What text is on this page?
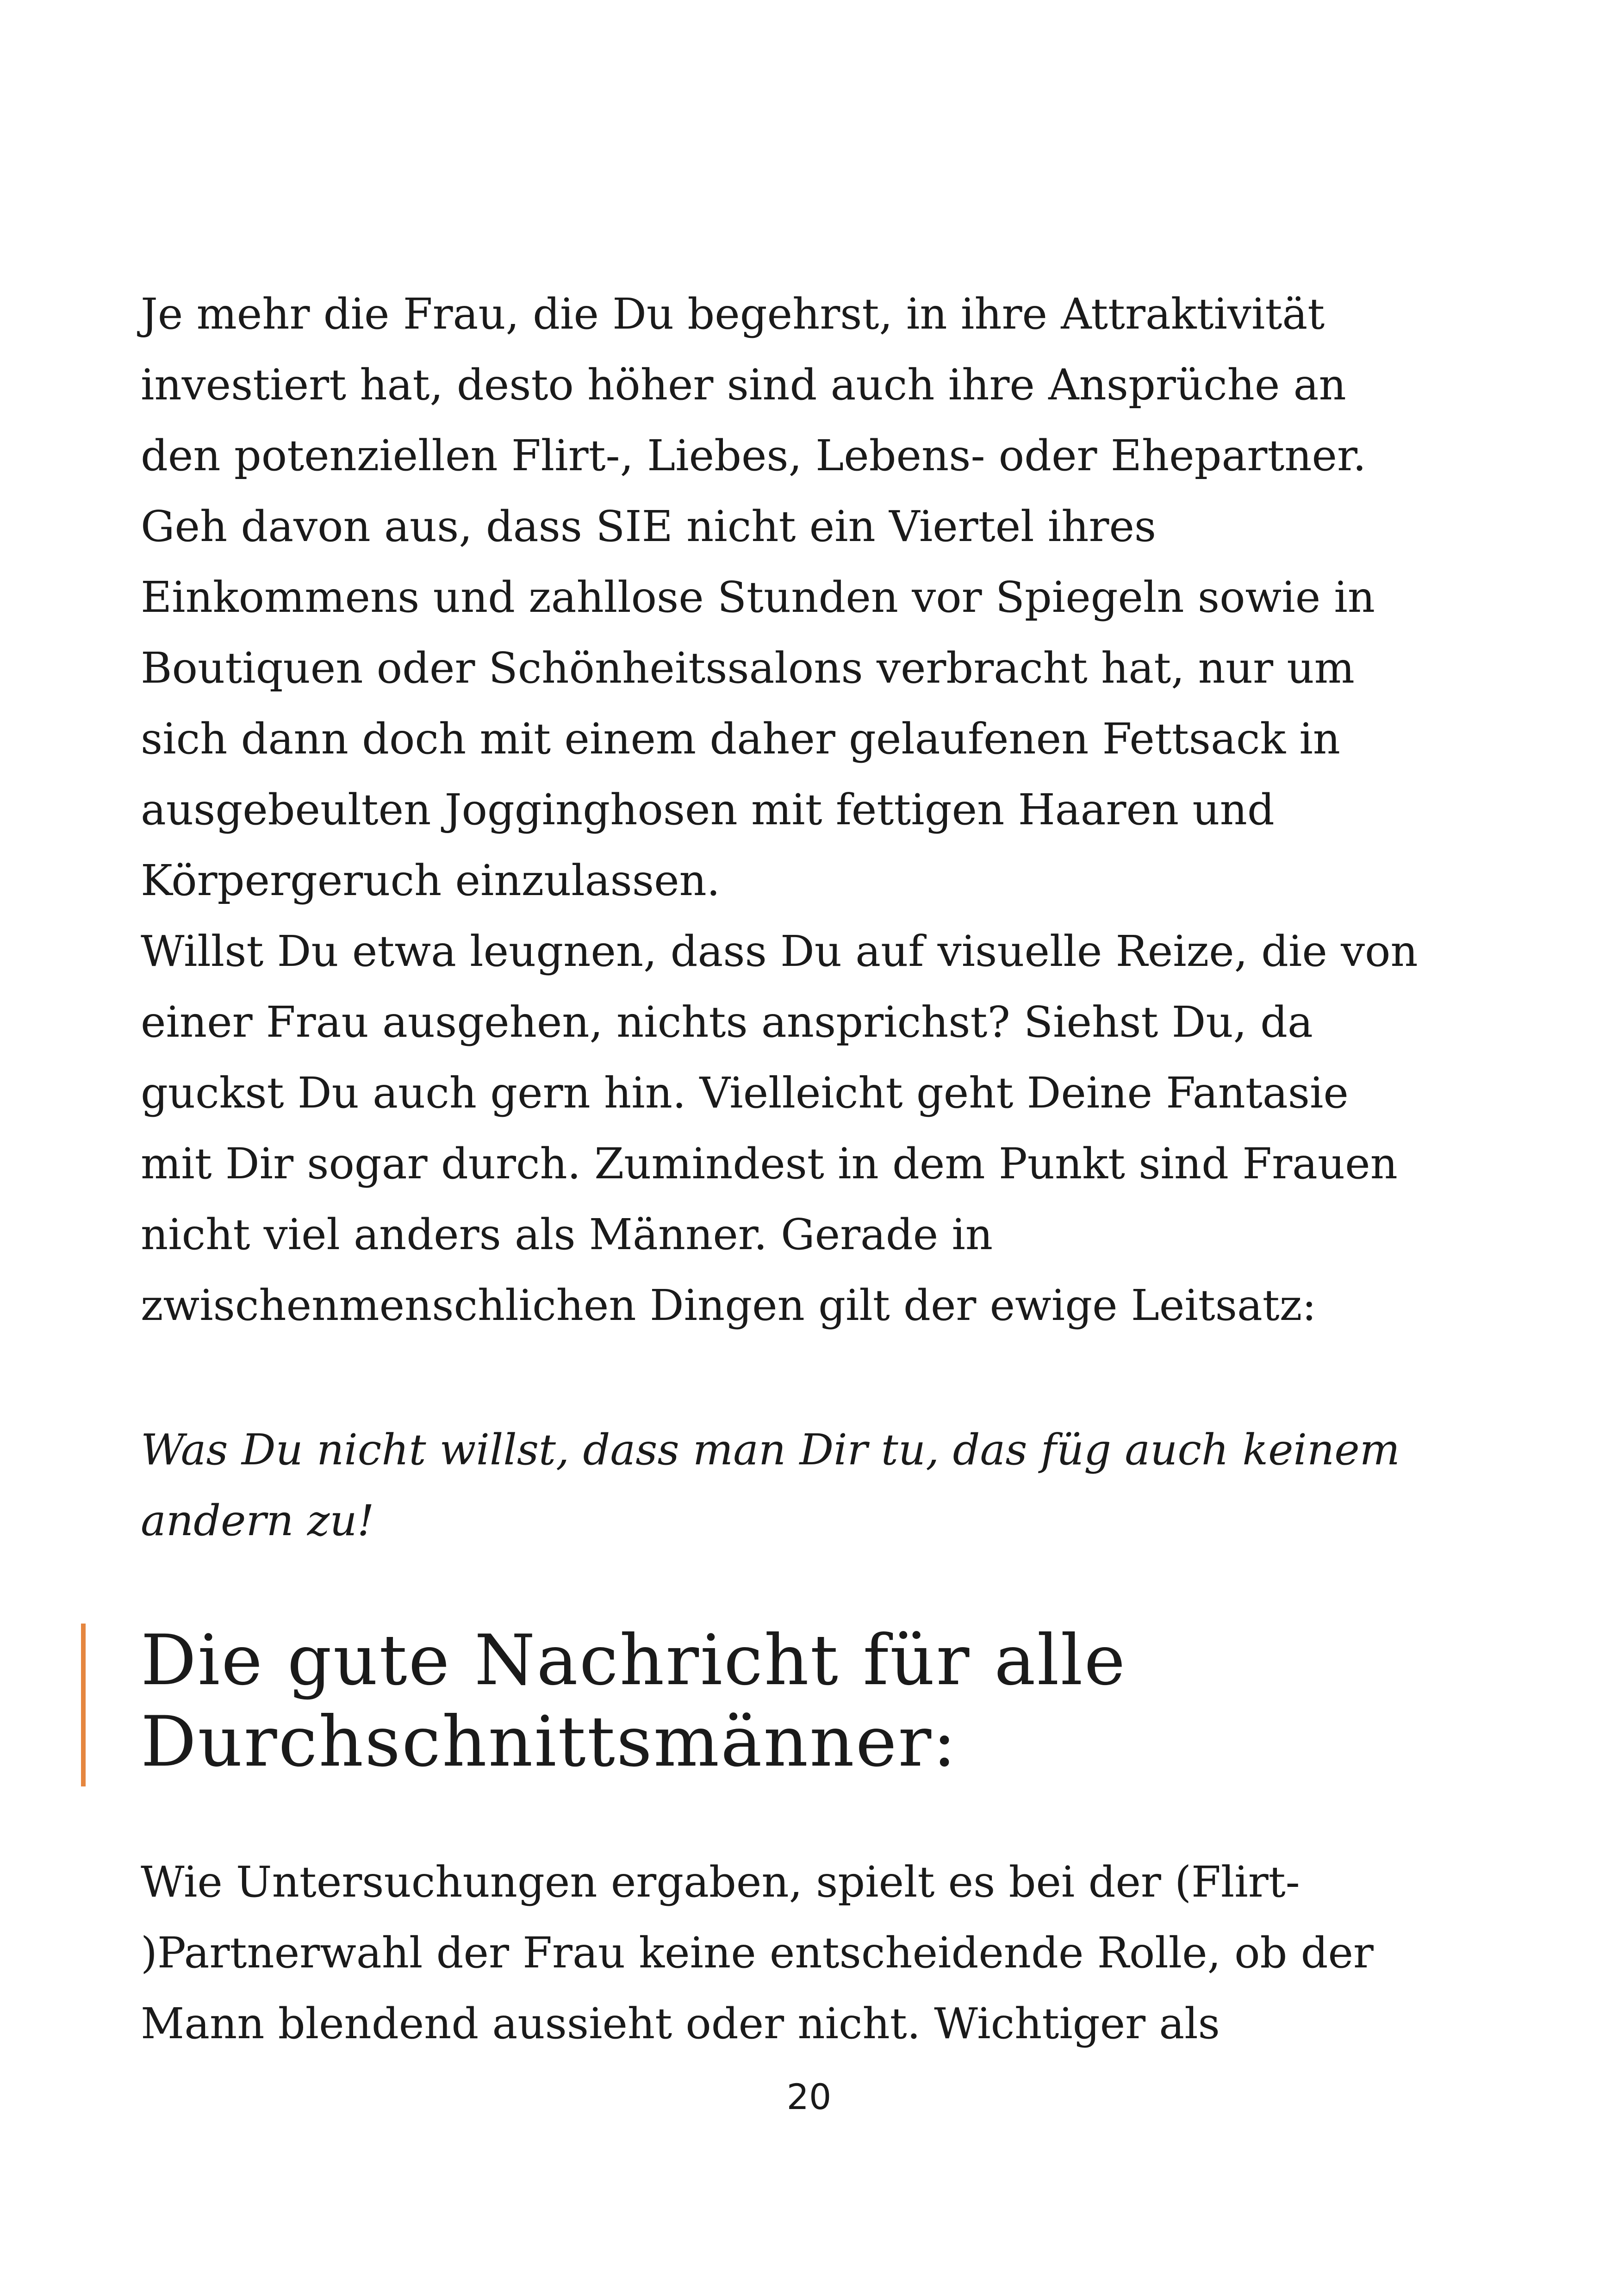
Je mehr die Frau, die Du begehrst, in ihre Attraktivität
investiert hat, desto höher sind auch ihre Ansprüche an
den potenziellen Flirt-, Liebes, Lebens- oder Ehepartner.
Geh davon aus, dass SIE nicht ein Viertel ihres
Einkommens und zahllose Stunden vor Spiegeln sowie in
Boutiquen oder Schönheitssalons verbracht hat, nur um
sich dann doch mit einem daher gelaufenen Fettsack in
ausgebeulten Jogginghosen mit fettigen Haaren und
Körpergeruch einzulassen.
Willst Du etwa leugnen, dass Du auf visuelle Reize, die von
einer Frau ausgehen, nichts ansprichst? Siehst Du, da
guckst Du auch gern hin. Vielleicht geht Deine Fantasie
mit Dir sogar durch. Zumindest in dem Punkt sind Frauen
nicht viel anders als Männer. Gerade in
zwischenmenschlichen Dingen gilt der ewige Leitsatz:
Was Du nicht willst, dass man Dir tu, das füg auch keinem
andern zu!
Die gute Nachricht für alle
Durchschnittsmänner:
Wie Untersuchungen ergaben, spielt es bei der (Flirt-
)Partnerwahl der Frau keine entscheidende Rolle, ob der
Mann blendend aussieht oder nicht. Wichtiger als
20
